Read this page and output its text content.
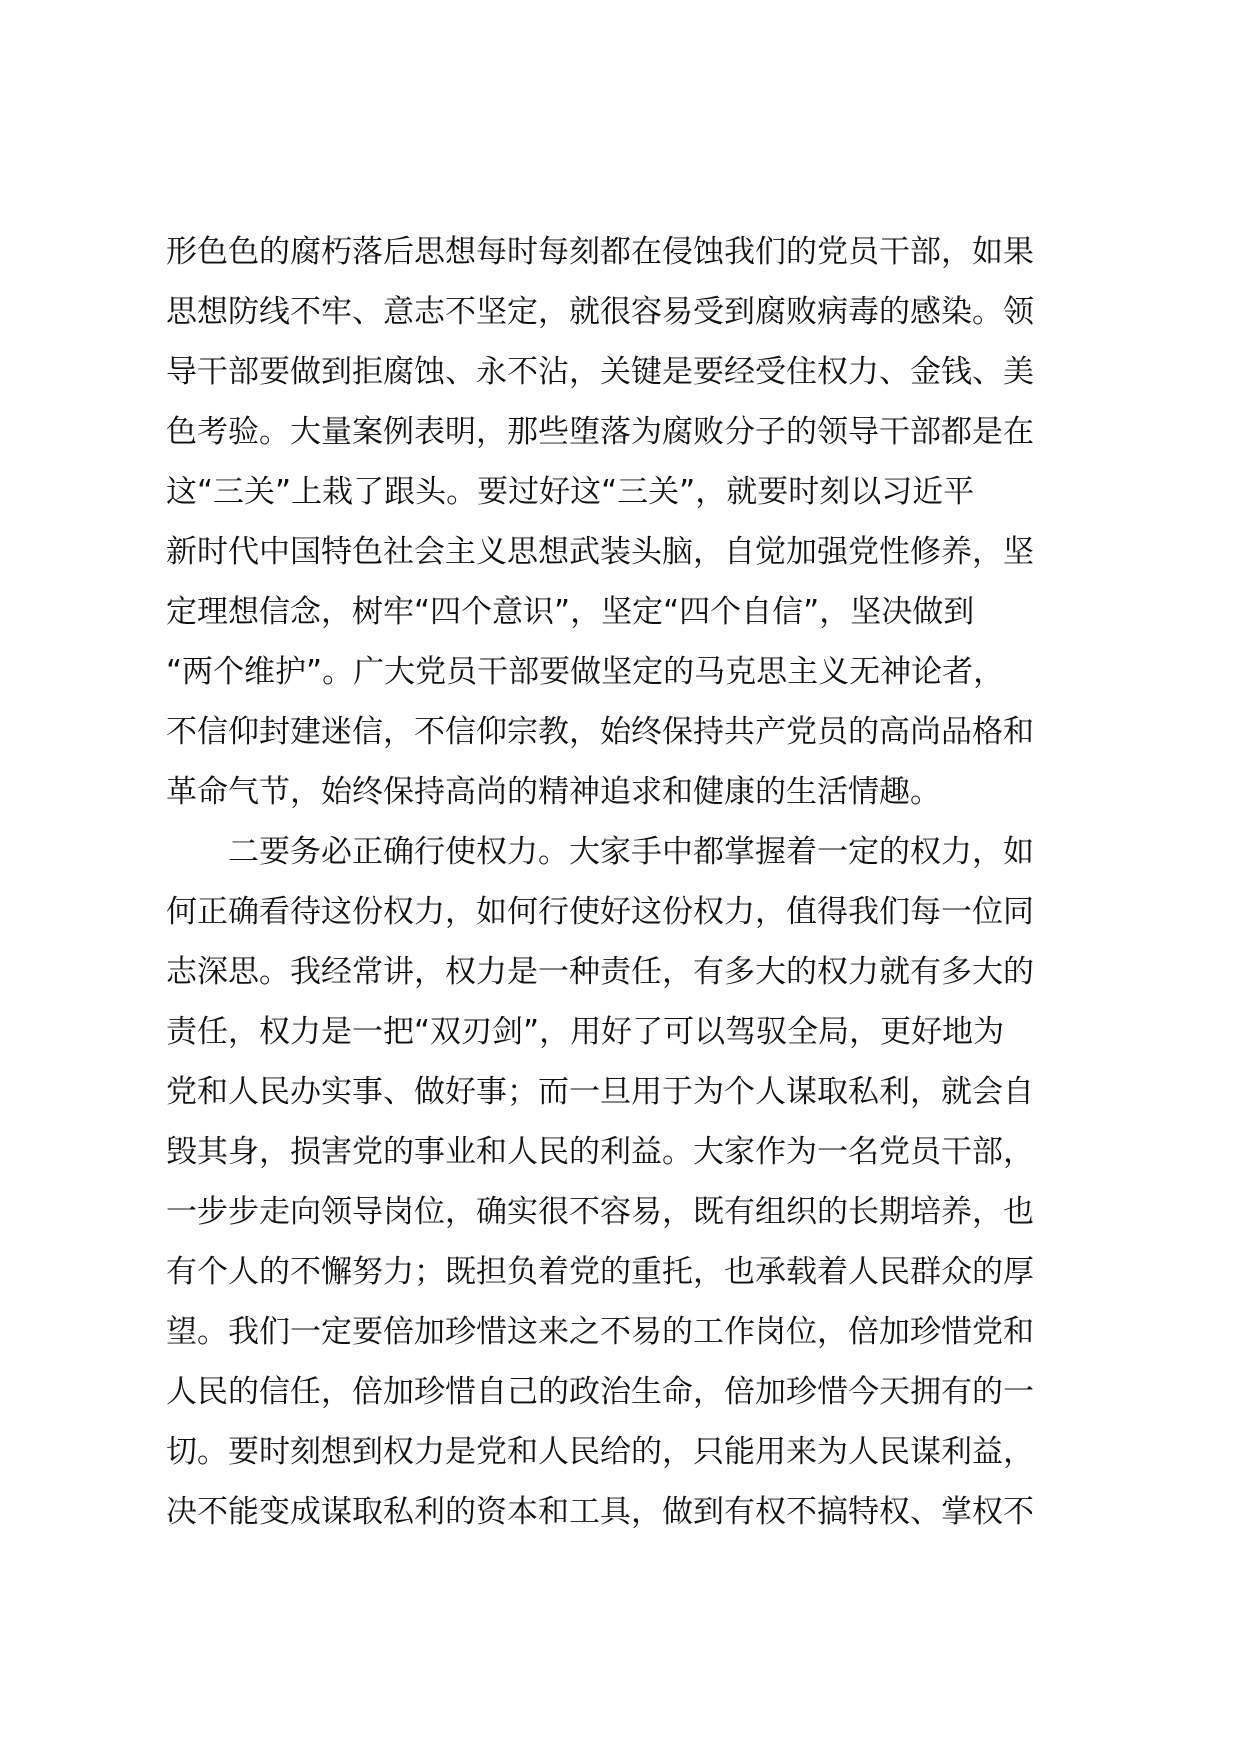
形色色的腐朽落后思想每时每刻都在侵蚀我们的党员干部，如果
思想防线不牢、意志不坚定，就很容易受到腐败病毒的感染。领
导干部要做到拒腐蚀、永不沾，关键是要经受住权力、金钱、美
色考验。大量案例表明，那些堕落为腐败分子的领导干部都是在
这“三关”上栽了跟头。要过好这“三关”，就要时刻以习近平
新时代中国特色社会主义思想武装头脑，自觉加强党性修养，坚
定理想信念，树牢“四个意识”，坚定“四个自信”，坚决做到
“两个维护”。广大党员干部要做坚定的马克思主义无神论者，
不信仰封建迷信，不信仰宗教，始终保持共产党员的高尚品格和
革命气节，始终保持高尚的精神追求和健康的生活情趣。
二要务必正确行使权力。大家手中都掌握着一定的权力，如
何正确看待这份权力，如何行使好这份权力，值得我们每一位同
志深思。我经常讲，权力是一种责任，有多大的权力就有多大的
责任，权力是一把“双刃剑”，用好了可以驾驭全局，更好地为
党和人民办实事、做好事；而一旦用于为个人谋取私利，就会自
毁其身，损害党的事业和人民的利益。大家作为一名党员干部，
一步步走向领导岗位，确实很不容易，既有组织的长期培养，也
有个人的不懈努力；既担负着党的重托，也承载着人民群众的厚
望。我们一定要倍加珍惜这来之不易的工作岗位，倍加珍惜党和
人民的信任，倍加珍惜自己的政治生命，倍加珍惜今天拥有的一
切。要时刻想到权力是党和人民给的，只能用来为人民谋利益，
决不能变成谋取私利的资本和工具，做到有权不搞特权、掌权不
